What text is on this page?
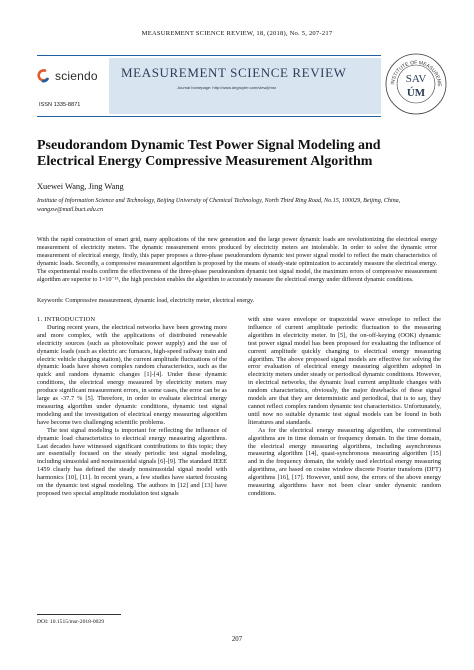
MEASUREMENT SCIENCE REVIEW, 18, (2018), No. 5, 207-217
sciendo
ISSN 1335-8871
MEASUREMENT SCIENCE REVIEW
Journal homepage: http://www.degruyter.com/view/j/msr
INSTITUTE OF MEASUREME
SAV
ÚM
Pseudorandom Dynamic Test Power Signal Modeling and Electrical Energy Compressive Measurement Algorithm
Xuewei Wang, Jing Wang
Institute of Information Science and Technology, Beijing University of Chemical Technology, North Third Ring Road, No.15, 100029, Beijing, China, wangxw@mail.buct.edu.cn
With the rapid construction of smart grid, many applications of the new generation and the large power dynamic loads are revolutionizing the electrical energy measurement of electricity meters. The dynamic measurement errors produced by electricity meters are intolerable. In order to solve the dynamic error measurement of electrical energy, firstly, this paper proposes a three-phase pseudorandom dynamic test power signal model to reflect the main characteristics of dynamic loads. Secondly, a compressive measurement algorithm is proposed by the means of steady-state optimization to accurately measure the electrical energy. The experimental results confirm the effectiveness of the three-phase pseudorandom dynamic test signal model, the maximum errors of compressive measurement algorithm are superior to 1×10⁻¹⁵, the high precision enables the algorithm to accurately measure the electrical energy under different dynamic conditions.
Keywords: Compressive measurement, dynamic load, electricity meter, electrical energy.

1. INTRODUCTION

During recent years, the electrical networks have been growing more and more complex, with the applications of distributed renewable electricity sources (such as photovoltaic power supply) and the use of dynamic loads (such as electric arc furnaces, high-speed railway train and electric vehicle charging station), the current amplitude fluctuations of the dynamic loads have shown complex random characteristics, such as the quick and random dynamic changes [1]-[4]. Under these dynamic conditions, the electrical energy measured by electricity meters may produce significant measurement errors, in some cases, the error can be as large as -37.7 % [5]. Therefore, in order to evaluate electrical energy measuring algorithm under dynamic conditions, dynamic test signal modeling and the investigation of electrical energy measuring algorithm have become two challenging scientific problems.

The test signal modeling is important for reflecting the influence of dynamic load characteristics to electrical energy measuring algorithms. Last decades have witnessed significant contributions to this topic; they are essentially focused on the steady periodic test signal modeling, including sinusoidal and nonsinusoidal signals [6]-[9]. The standard IEEE 1459 clearly has defined the steady nonsinusoidal signal model with harmonics [10], [11]. In recent years, a few studies have started focusing on the dynamic test signal modeling. The authors in [12] and [13] have proposed two special amplitude modulation test signals

with sine wave envelope or trapezoidal wave envelope to reflect the influence of current amplitude periodic fluctuation to the measuring algorithm in electricity meter. In [5], the on-off-keying (OOK) dynamic test power signal model has been proposed for evaluating the influence of current amplitude quickly changing to electrical energy measuring algorithm. The above proposed signal models are effective for solving the error evaluation of electrical energy measuring algorithm adopted in electricity meters under steady or periodical dynamic conditions. However, in electrical networks, the dynamic load current amplitude changes with random characteristics, obviously, the major drawbacks of these signal models are that they are deterministic and periodical, that is to say, they cannot reflect complex random dynamic test characteristics. Unfortunately, until now no suitable dynamic test signal models can be found in both literatures and standards.

As for the electrical energy measuring algorithm, the conventional algorithms are in time domain or frequency domain. In the time domain, the electrical energy measuring algorithms, including asynchronous measuring algorithm [14], quasi-synchronous measuring algorithm [15] and in the frequency domain, the widely used electrical energy measuring algorithms, are based on cosine window discrete Fourier transform (DFT) algorithms [16], [17]. However, until now, the errors of the above energy measuring algorithms have not been clear under dynamic random conditions.

DOI: 10.1515/msr-2018-0029
207
